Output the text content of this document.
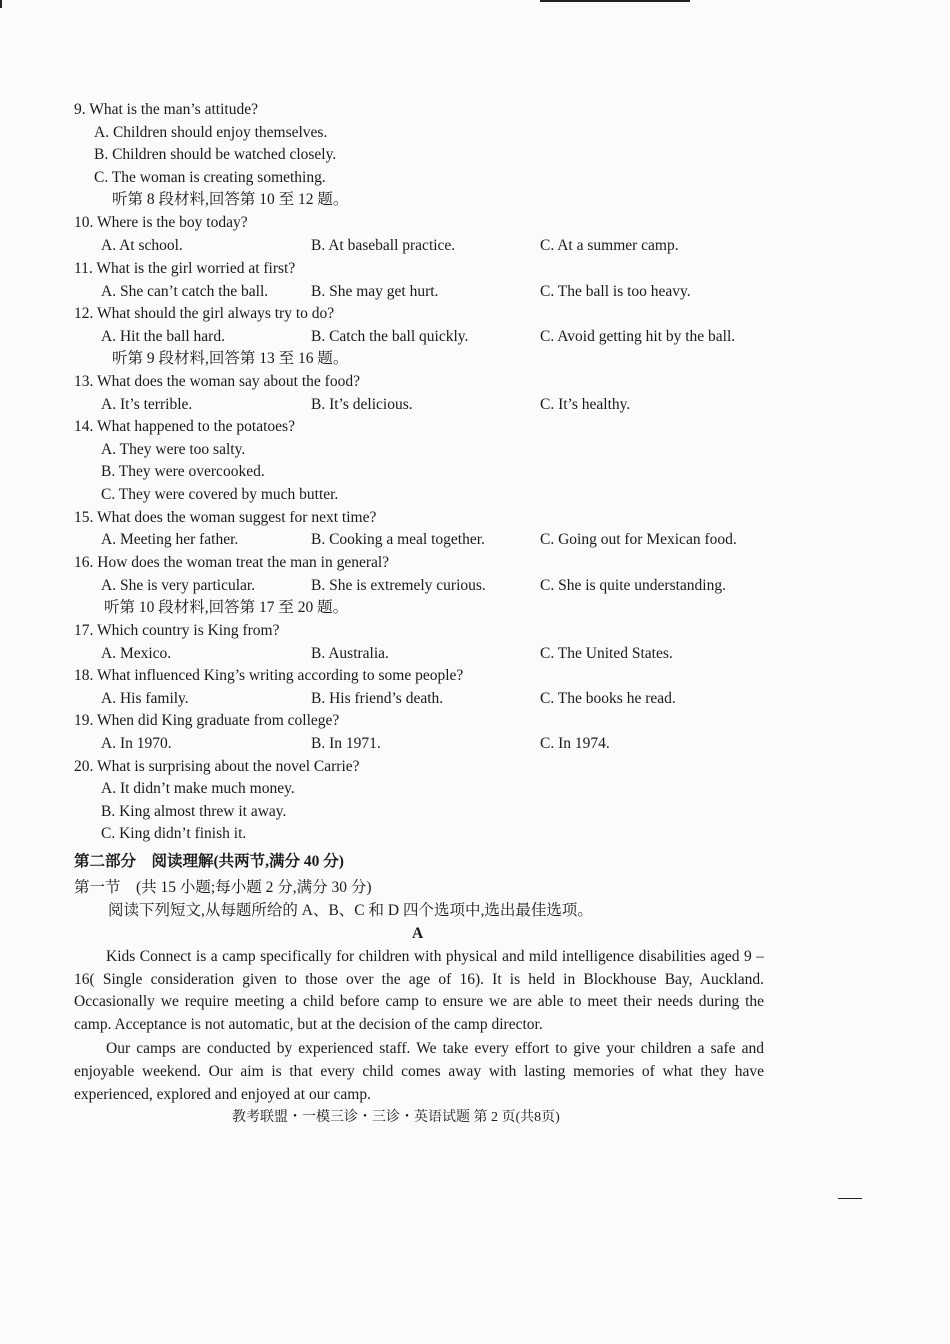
9. What is the man’s attitude?
A. Children should enjoy themselves.
B. Children should be watched closely.
C. The woman is creating something.
听第 8 段材料,回答第 10 至 12 题。
10. Where is the boy today?
A. At school.	B. At baseball practice.	C. At a summer camp.
11. What is the girl worried at first?
A. She can’t catch the ball.	B. She may get hurt.	C. The ball is too heavy.
12. What should the girl always try to do?
A. Hit the ball hard.	B. Catch the ball quickly.	C. Avoid getting hit by the ball.
听第 9 段材料,回答第 13 至 16 题。
13. What does the woman say about the food?
A. It’s terrible.	B. It’s delicious.	C. It’s healthy.
14. What happened to the potatoes?
A. They were too salty.
B. They were overcooked.
C. They were covered by much butter.
15. What does the woman suggest for next time?
A. Meeting her father.	B. Cooking a meal together.	C. Going out for Mexican food.
16. How does the woman treat the man in general?
A. She is very particular.	B. She is extremely curious.	C. She is quite understanding.
听第 10 段材料,回答第 17 至 20 题。
17. Which country is King from?
A. Mexico.	B. Australia.	C. The United States.
18. What influenced King’s writing according to some people?
A. His family.	B. His friend’s death.	C. The books he read.
19. When did King graduate from college?
A. In 1970.	B. In 1971.	C. In 1974.
20. What is surprising about the novel Carrie?
A. It didn’t make much money.
B. King almost threw it away.
C. King didn’t finish it.
第二部分　阅读理解(共两节,满分 40 分)
第一节　(共 15 小题;每小题 2 分,满分 30 分)
阅读下列短文,从每题所给的 A、B、C 和 D 四个选项中,选出最佳选项。
A

Kids Connect is a camp specifically for children with physical and mild intelligence disabilities aged 9 – 16( Single consideration given to those over the age of 16). It is held in Blockhouse Bay, Auckland. Occasionally we require meeting a child before camp to ensure we are able to meet their needs during the camp. Acceptance is not automatic, but at the decision of the camp director.

Our camps are conducted by experienced staff. We take every effort to give your children a safe and enjoyable weekend. Our aim is that every child comes away with lasting memories of what they have experienced, explored and enjoyed at our camp.

教考联盟・一模三诊・三诊・英语试题 第 2 页(共8页)
